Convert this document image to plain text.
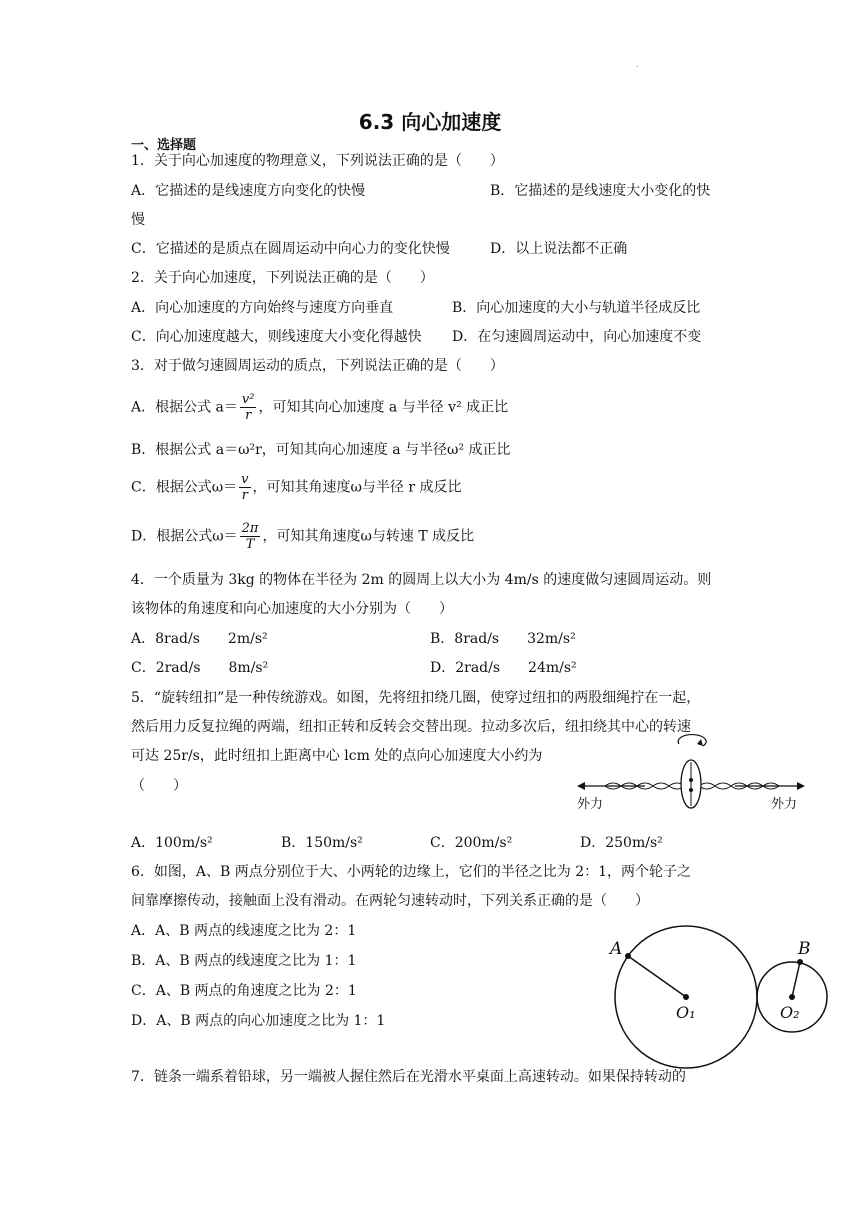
.
6.3 向心加速度
一、选择题
1．关于向心加速度的物理意义，下列说法正确的是（　　）
A．它描述的是线速度方向变化的快慢	B．它描述的是线速度大小变化的快
慢
C．它描述的是质点在圆周运动中向心力的变化快慢	D．以上说法都不正确
2．关于向心加速度，下列说法正确的是（　　）
A．向心加速度的方向始终与速度方向垂直	B．向心加速度的大小与轨道半径成反比
C．向心加速度越大，则线速度大小变化得越快 D．在匀速圆周运动中，向心加速度不变
3．对于做匀速圆周运动的质点，下列说法正确的是（　　）
A．根据公式 $a= \frac{\text{v²}}{r}$ ，可知其向心加速度 a 与半径 v² 成正比
B．根据公式 a＝ω²r，可知其向心加速度 a 与半径ω² 成正比
C．根据公式$\omega= \frac{v}{r}$ ，可知其角速度ω与半径 r 成反比
D．根据公式$\omega= \frac{2\pi}{T}$ ，可知其角速度ω与转速 T 成反比
4．一个质量为 3kg 的物体在半径为 2m 的圆周上以大小为 4m/s 的速度做匀速圆周运动。则
该物体的角速度和向心加速度的大小分别为（　　）
A．8rad/s　　2m/s²	B．8rad/s　　32m/s²
C．2rad/s　　8m/s²	D．2rad/s　　24m/s²
5．“旋转纽扣”是一种传统游戏。如图，先将纽扣绕几圈，使穿过纽扣的两股细绳拧在一起，
然后用力反复拉绳的两端，纽扣正转和反转会交替出现。拉动多次后，纽扣绕其中心的转速
可达 25r/s，此时纽扣上距离中心 lcm 处的点向心加速度大小约为
（　　）
外力	外力
A．100m/s²	B．150m/s²	C．200m/s²	D．250m/s²
6．如图，A、B 两点分别位于大、小两轮的边缘上，它们的半径之比为 2：1，两个轮子之
间靠摩擦传动，接触面上没有滑动。在两轮匀速转动时，下列关系正确的是（　　）
A．A、B 两点的线速度之比为 2：1
B．A、B 两点的线速度之比为 1：1
C．A、B 两点的角速度之比为 2：1
D．A、B 两点的向心加速度之比为 1：1
A	B
O₁	O₂
7．链条一端系着铅球，另一端被人握住然后在光滑水平桌面上高速转动。如果保持转动的
